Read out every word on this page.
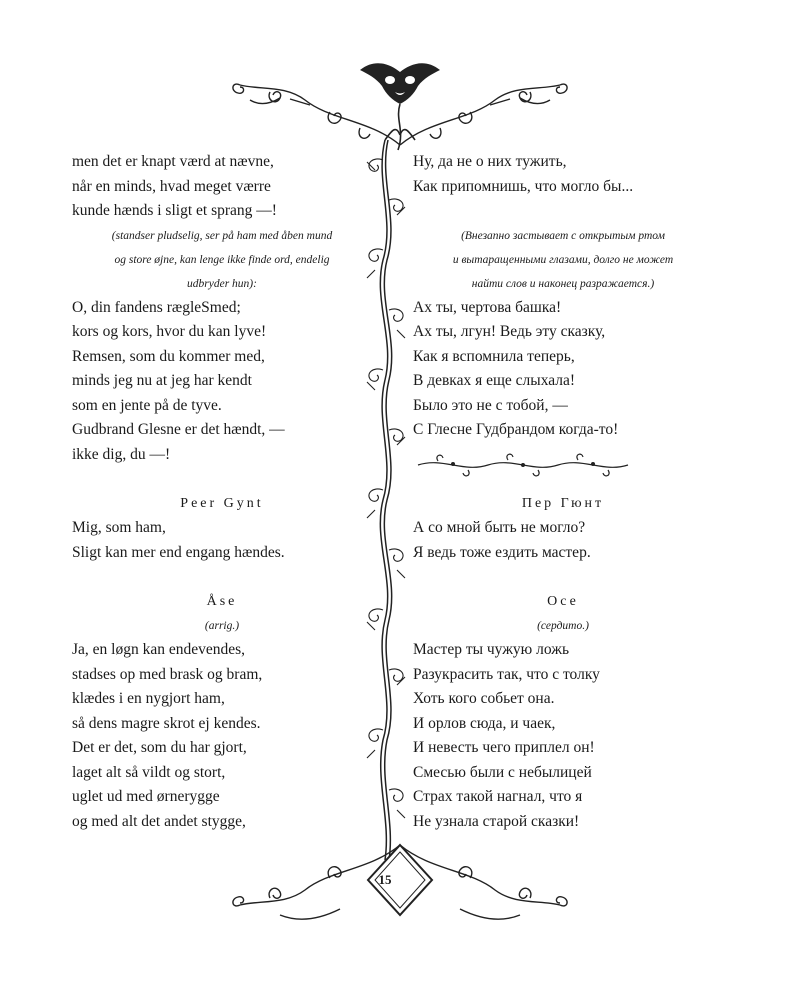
men det er knapt værd at nævne,
når en minds, hvad meget værre
kunde hænds i sligt et sprang —!
(standser pludselig, ser på ham med åben mund
og store øjne, kan lenge ikke finde ord, endelig
udbryder hun):
O, din fandens rægleSmed;
kors og kors, hvor du kan lyve!
Remsen, som du kommer med,
minds jeg nu at jeg har kendt
som en jente på de tyve.
Gudbrand Glesne er det hændt, —
ikke dig, du —!
Peer Gynt
Mig, som ham,
Sligt kan mer end engang hændes.
Åse
(arrig.)
Ja, en løgn kan endevendes,
stadses op med brask og bram,
klædes i en nygjort ham,
så dens magre skrot ej kendes.
Det er det, som du har gjort,
laget alt så vildt og stort,
uglet ud med ørnerygge
og med alt det andet stygge,
Ну, да не о них тужить,
Как припомнишь, что могло бы...
(Внезапно застывает с открытым ртом
и вытаращенными глазами, долго не может
найти слов и наконец разражается.)
Ах ты, чертова башка!
Ах ты, лгун! Ведь эту сказку,
Как я вспомнила теперь,
В девках я еще слыхала!
Было это не с тобой, —
С Глесне Гудбрандом когда-то!
Пер Гюнт
А со мной быть не могло?
Я ведь тоже ездить мастер.
Осе
(сердито.)
Мастер ты чужую ложь
Разукрасить так, что с толку
Хоть кого собьет она.
И орлов сюда, и чаек,
И невесть чего приплел он!
Смесью были с небылицей
Страх такой нагнал, что я
Не узнала старой сказки!
15
